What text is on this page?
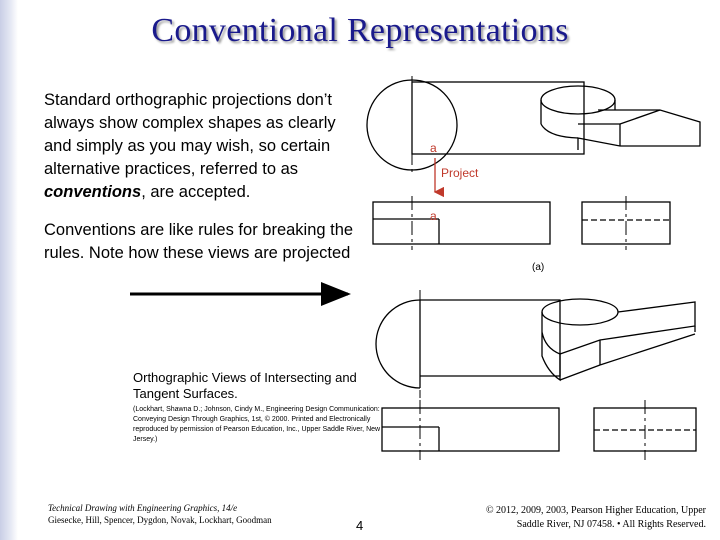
Conventional Representations
Standard orthographic projections don’t always show complex shapes as clearly and simply as you may wish, so certain alternative practices, referred to as conventions, are accepted.
Conventions are like rules for breaking the rules. Note how these views are projected
a
Project
a
(a)
Orthographic Views of Intersecting and Tangent Surfaces.
(Lockhart, Shawna D.; Johnson, Cindy M., Engineering Design Communication: Conveying Design Through Graphics, 1st, © 2000. Printed and Electronically reproduced by permission of Pearson Education, Inc., Upper Saddle River, New Jersey.)
Technical Drawing with Engineering Graphics, 14/e
Giesecke, Hill, Spencer, Dygdon, Novak, Lockhart, Goodman	4
© 2012, 2009, 2003, Pearson Higher Education, Upper Saddle River, NJ 07458. • All Rights Reserved.
